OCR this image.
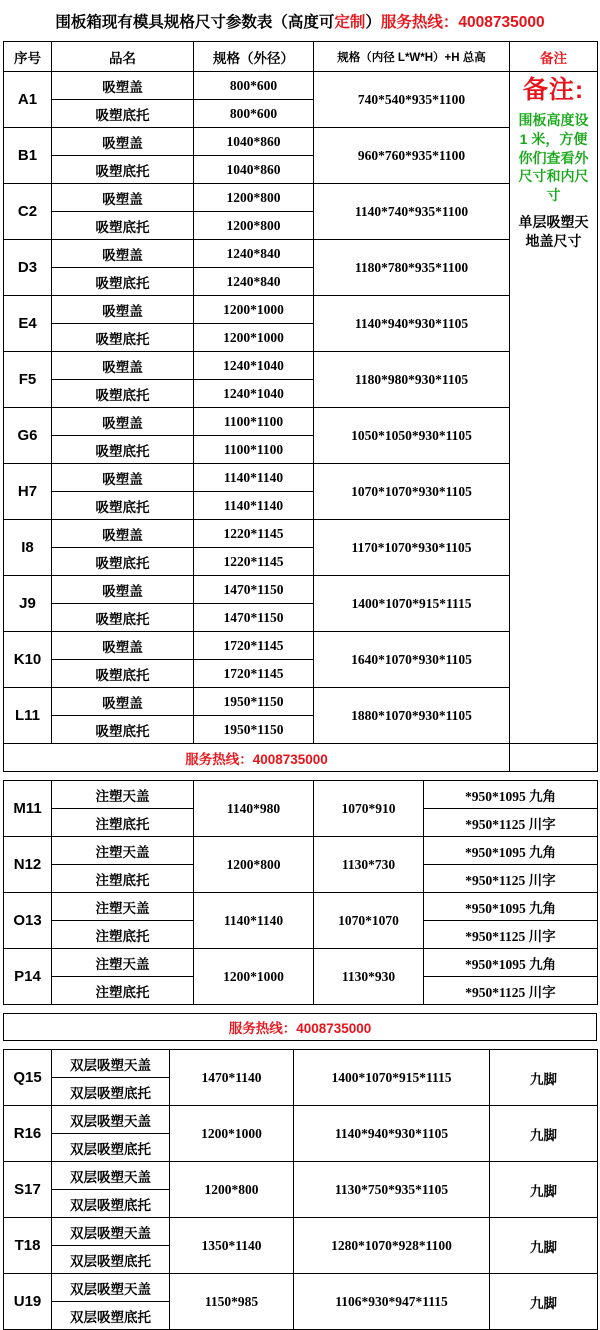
围板箱现有模具规格尺寸参数表（高度可定制）服务热线：4008735000
序号	品名	规格（外径）	规格（内径 L*W*H）+H 总高	备注
A1	吸塑盖	800*600	740*540*935*1100	备注:
围板高度设 1 米，方便你们查看外尺寸和内尺寸
单层吸塑天地盖尺寸

	吸塑底托	800*600		
B1	吸塑盖	1040*860	960*760*935*1100	
	吸塑底托	1040*860		
C2	吸塑盖	1200*800	1140*740*935*1100	
	吸塑底托	1200*800		
D3	吸塑盖	1240*840	1180*780*935*1100	
	吸塑底托	1240*840		
E4	吸塑盖	1200*1000	1140*940*930*1105	
	吸塑底托	1200*1000		
F5	吸塑盖	1240*1040	1180*980*930*1105	
	吸塑底托	1240*1040		
G6	吸塑盖	1100*1100	1050*1050*930*1105	
	吸塑底托	1100*1100		
H7	吸塑盖	1140*1140	1070*1070*930*1105	
	吸塑底托	1140*1140		
I8	吸塑盖	1220*1145	1170*1070*930*1105	
	吸塑底托	1220*1145		
J9	吸塑盖	1470*1150	1400*1070*915*1115	
	吸塑底托	1470*1150		
K10	吸塑盖	1720*1145	1640*1070*930*1105	
	吸塑底托	1720*1145		
L11	吸塑盖	1950*1150	1880*1070*930*1105	
	吸塑底托	1950*1150		
服务热线：4008735000				
M11	注塑天盖	1140*980	1070*910	*950*1095 九角
	注塑底托			*950*1125 川字
N12	注塑天盖	1200*800	1130*730	*950*1095 九角
	注塑底托			*950*1125 川字
O13	注塑天盖	1140*1140	1070*1070	*950*1095 九角
	注塑底托			*950*1125 川字
P14	注塑天盖	1200*1000	1130*930	*950*1095 九角
	注塑底托			*950*1125 川字
服务热线：4008735000
Q15	双层吸塑天盖	1470*1140	1400*1070*915*1115	九脚
	双层吸塑底托			
R16	双层吸塑天盖	1200*1000	1140*940*930*1105	九脚
	双层吸塑底托			
S17	双层吸塑天盖	1200*800	1130*750*935*1105	九脚
	双层吸塑底托			
T18	双层吸塑天盖	1350*1140	1280*1070*928*1100	九脚
	双层吸塑底托			
U19	双层吸塑天盖	1150*985	1106*930*947*1115	九脚
	双层吸塑底托			
